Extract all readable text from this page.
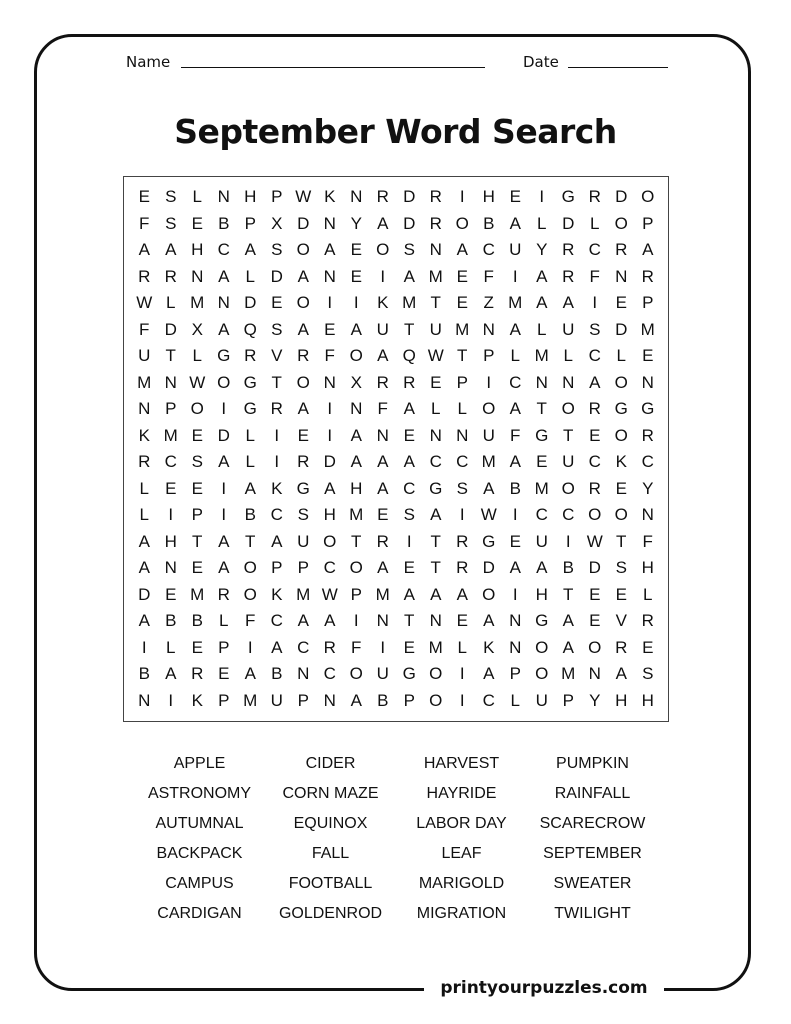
Name	Date
September Word Search
E S L N H P W K N R D R	I	H E	I	G R D O
F S E B P X D N Y A D R O B A L D L O P
A A H C A S O A E O S N A C U Y R C R A
R R N A L D A N E	I	A M E F	I	A R F N R
W L M N D E O	I	I	K M T E Z M A A	I	E P
F D X A Q S A E A U T U M N A L U S D M
U T L G R V R F O A Q W T P L M L C L E
M N W O G T O N X R R E P	I	C N N A O N
N P O	I	G R A	I	N F A L	L O A T O R G G
K M E D L	I	E	I	A N E N N U F G T E O R
R C S A L	I	R D A A A C C M A E U C K C
L E E	I	A K G A H A C G S A B M O R E Y
L	I	P	I	B C S H M E S A	I W I	C C O O N
A H T A T A U O T R	I	T R G E U	I W T F
A N E A O P P C O A E T R D A A B D S H
D E M R O K M W P M A A A O	I	H T E E L
A B B L F C A A	I	N T N E A N G A E V R
I	L E P	I	A C R F	I	E M L K N O A O R E
B A R E A B N C O U G O	I	A P O M N A S
N	I	K P M U P N A B P O	I	C L U P Y H H
APPLE	CIDER	HARVEST	PUMPKIN
ASTRONOMY	CORN MAZE	HAYRIDE	RAINFALL
AUTUMNAL	EQUINOX	LABOR DAY	SCARECROW
BACKPACK	FALL	LEAF	SEPTEMBER
CAMPUS	FOOTBALL	MARIGOLD	SWEATER
CARDIGAN	GOLDENROD	MIGRATION	TWILIGHT
printyourpuzzles.com
